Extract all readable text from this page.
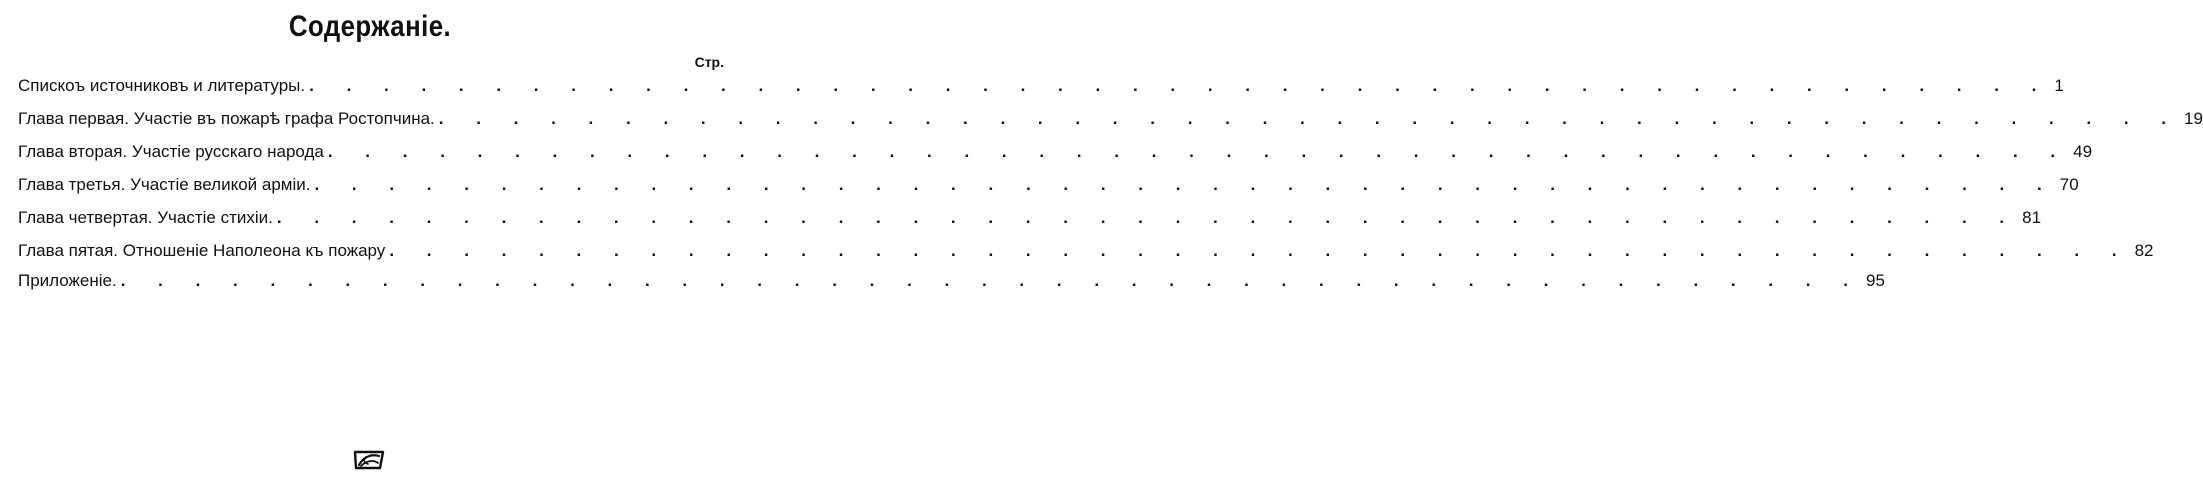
Содержаніе.
Стр.
Спискоъ источниковъ и литературы. . . . . . . . . . . . . . . . . . . . . . . . . . . . . . . . . . . . . . . . . . . . . . . . 1
Глава первая. Участіе въ пожарѣ графа Ростопчина. . . . . . . . . . . . . . . . . . . . . . . . . . . . . . . . . . . . . . . . . . . . . . . . 19
Глава вторая. Участіе русскаго народа . . . . . . . . . . . . . . . . . . . . . . . . . . . . . . . . . . . . . . . . . . . . . . . 49
Глава третья. Участіе великой арміи. . . . . . . . . . . . . . . . . . . . . . . . . . . . . . . . . . . . . . . . . . . . . . . . 70
Глава четвертая. Участіе стихіи. . . . . . . . . . . . . . . . . . . . . . . . . . . . . . . . . . . . . . . . . . . . . . . . 81
Глава пятая. Отношеніе Наполеона къ пожару . . . . . . . . . . . . . . . . . . . . . . . . . . . . . . . . . . . . . . . . . . . . . . . 82
Приложеніе. . . . . . . . . . . . . . . . . . . . . . . . . . . . . . . . . . . . . . . . . . . . . . . . 95
